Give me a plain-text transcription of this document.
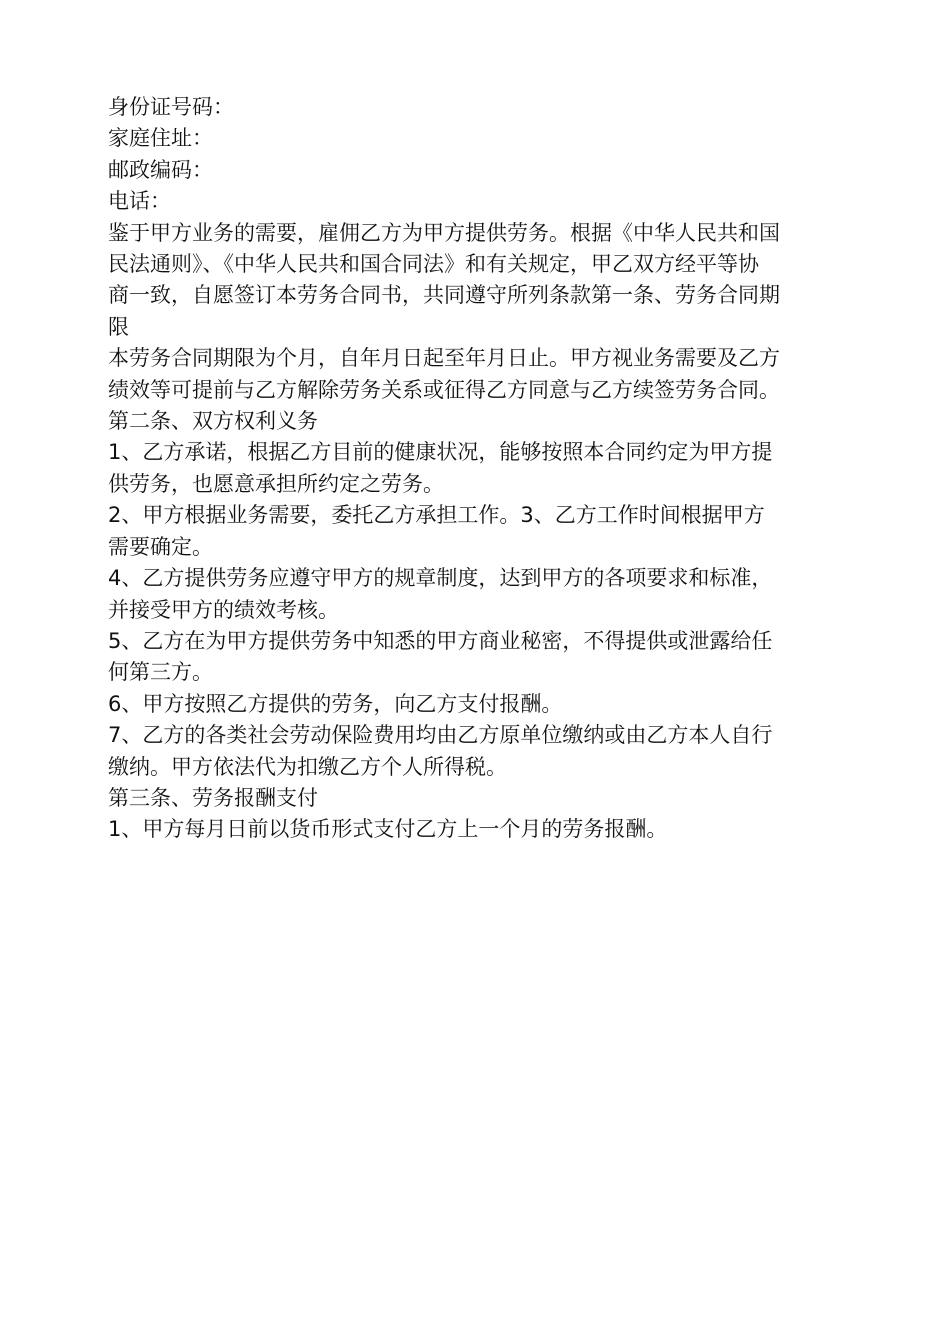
身份证号码：
家庭住址：
邮政编码：
电话：
鉴于甲方业务的需要，雇佣乙方为甲方提供劳务。根据《中华人民共和国
民法通则》、《中华人民共和国合同法》和有关规定，甲乙双方经平等协
商一致，自愿签订本劳务合同书，共同遵守所列条款第一条、劳务合同期
限
本劳务合同期限为个月，自年月日起至年月日止。甲方视业务需要及乙方
绩效等可提前与乙方解除劳务关系或征得乙方同意与乙方续签劳务合同。
第二条、双方权利义务
1、乙方承诺，根据乙方目前的健康状况，能够按照本合同约定为甲方提
供劳务，也愿意承担所约定之劳务。
2、甲方根据业务需要，委托乙方承担工作。3、乙方工作时间根据甲方
需要确定。
4、乙方提供劳务应遵守甲方的规章制度，达到甲方的各项要求和标准，
并接受甲方的绩效考核。
5、乙方在为甲方提供劳务中知悉的甲方商业秘密，不得提供或泄露给任
何第三方。
6、甲方按照乙方提供的劳务，向乙方支付报酬。
7、乙方的各类社会劳动保险费用均由乙方原单位缴纳或由乙方本人自行
缴纳。甲方依法代为扣缴乙方个人所得税。
第三条、劳务报酬支付
1、甲方每月日前以货币形式支付乙方上一个月的劳务报酬。
